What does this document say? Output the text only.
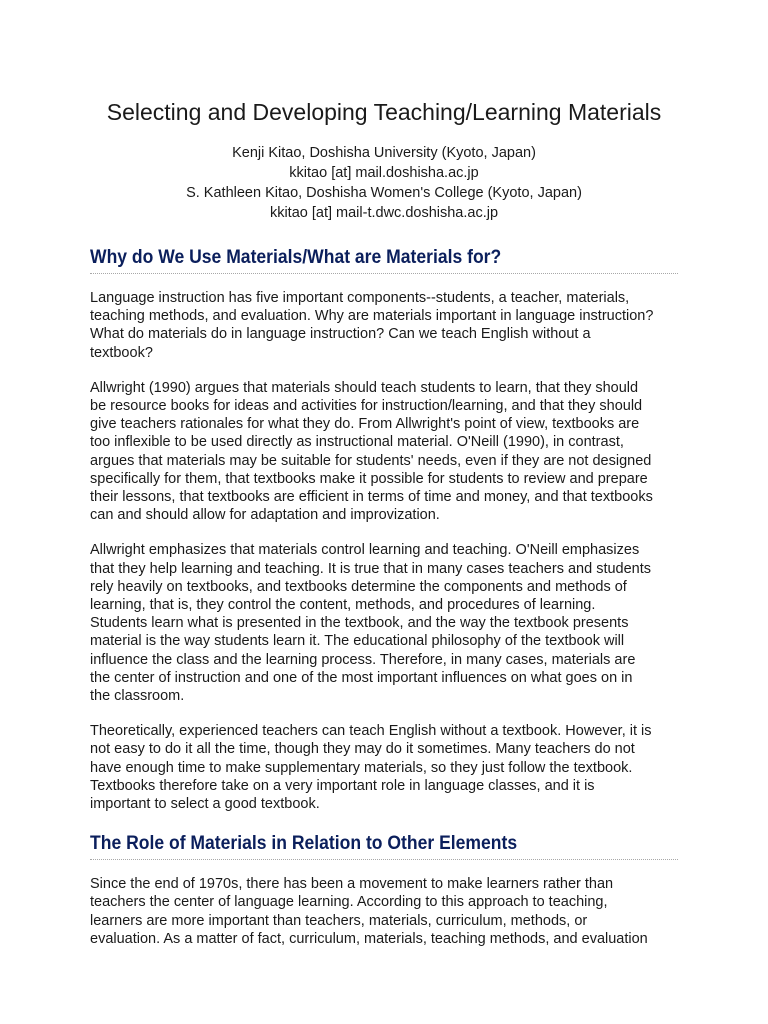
Selecting and Developing Teaching/Learning Materials
Kenji Kitao, Doshisha University (Kyoto, Japan)
kkitao [at] mail.doshisha.ac.jp
S. Kathleen Kitao, Doshisha Women's College (Kyoto, Japan)
kkitao [at] mail-t.dwc.doshisha.ac.jp
Why do We Use Materials/What are Materials for?

Language instruction has five important components--students, a teacher, materials,
teaching methods, and evaluation. Why are materials important in language instruction?
What do materials do in language instruction? Can we teach English without a
textbook?

Allwright (1990) argues that materials should teach students to learn, that they should
be resource books for ideas and activities for instruction/learning, and that they should
give teachers rationales for what they do. From Allwright's point of view, textbooks are
too inflexible to be used directly as instructional material. O'Neill (1990), in contrast,
argues that materials may be suitable for students' needs, even if they are not designed
specifically for them, that textbooks make it possible for students to review and prepare
their lessons, that textbooks are efficient in terms of time and money, and that textbooks
can and should allow for adaptation and improvization.

Allwright emphasizes that materials control learning and teaching. O'Neill emphasizes
that they help learning and teaching. It is true that in many cases teachers and students
rely heavily on textbooks, and textbooks determine the components and methods of
learning, that is, they control the content, methods, and procedures of learning.
Students learn what is presented in the textbook, and the way the textbook presents
material is the way students learn it. The educational philosophy of the textbook will
influence the class and the learning process. Therefore, in many cases, materials are
the center of instruction and one of the most important influences on what goes on in
the classroom.

Theoretically, experienced teachers can teach English without a textbook. However, it is
not easy to do it all the time, though they may do it sometimes. Many teachers do not
have enough time to make supplementary materials, so they just follow the textbook.
Textbooks therefore take on a very important role in language classes, and it is
important to select a good textbook.

The Role of Materials in Relation to Other Elements

Since the end of 1970s, there has been a movement to make learners rather than
teachers the center of language learning. According to this approach to teaching,
learners are more important than teachers, materials, curriculum, methods, or
evaluation. As a matter of fact, curriculum, materials, teaching methods, and evaluation
